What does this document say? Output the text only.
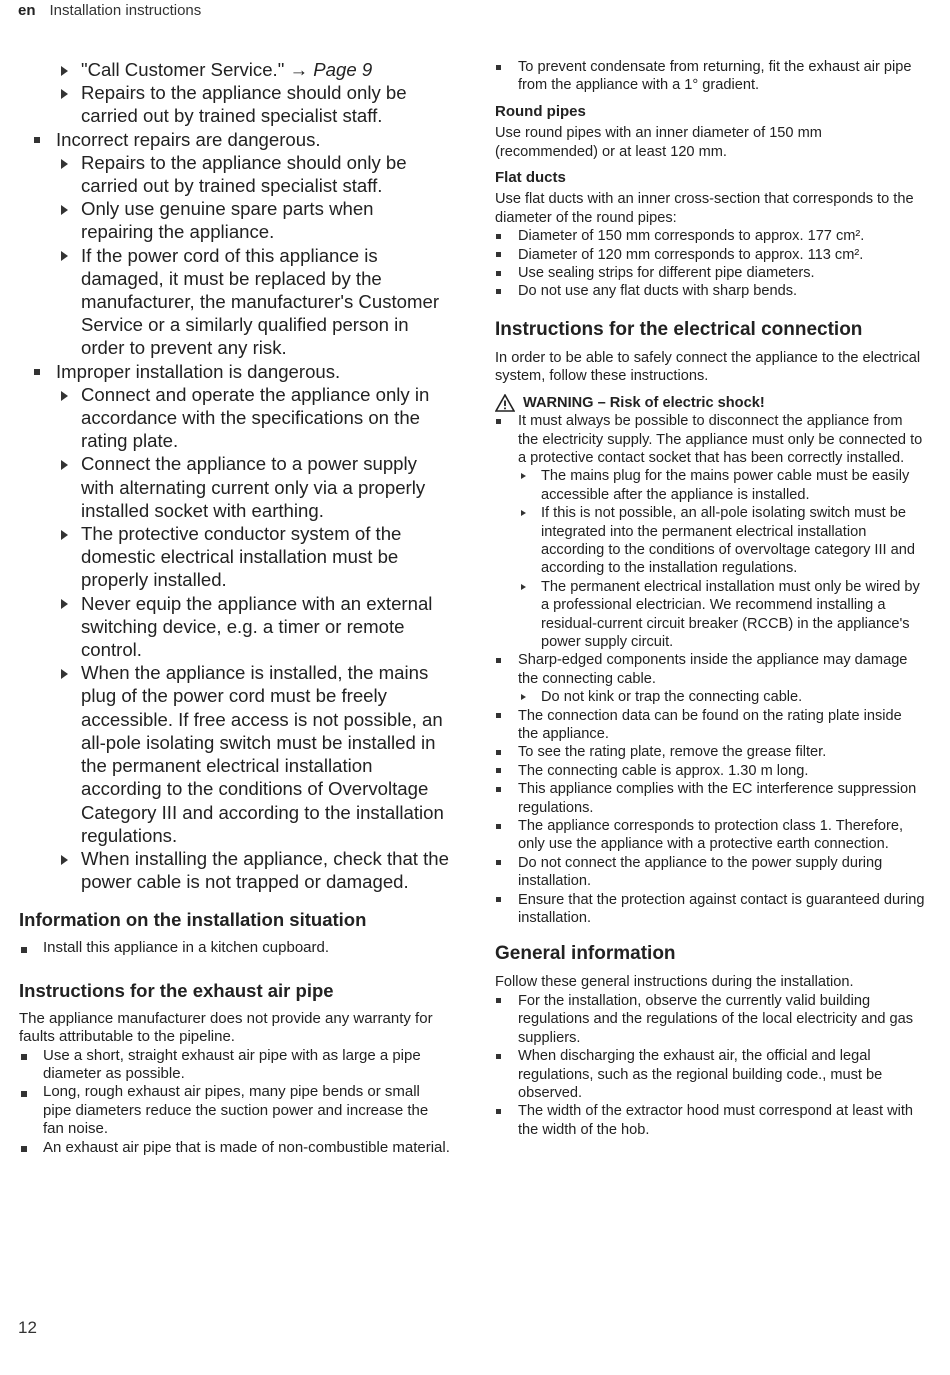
en Installation instructions
"Call Customer Service." → Page 9
Repairs to the appliance should only be carried out by trained specialist staff.
Incorrect repairs are dangerous.
Repairs to the appliance should only be carried out by trained specialist staff.
Only use genuine spare parts when repairing the appliance.
If the power cord of this appliance is damaged, it must be replaced by the manufacturer, the manufacturer's Customer Service or a similarly qualified person in order to prevent any risk.
Improper installation is dangerous.
Connect and operate the appliance only in accordance with the specifications on the rating plate.
Connect the appliance to a power supply with alternating current only via a properly installed socket with earthing.
The protective conductor system of the domestic electrical installation must be properly installed.
Never equip the appliance with an external switching device, e.g. a timer or remote control.
When the appliance is installed, the mains plug of the power cord must be freely accessible. If free access is not possible, an all-pole isolating switch must be installed in the permanent electrical installation according to the conditions of Overvoltage Category III and according to the installation regulations.
When installing the appliance, check that the power cable is not trapped or damaged.
Information on the installation situation
Install this appliance in a kitchen cupboard.
Instructions for the exhaust air pipe

The appliance manufacturer does not provide any warranty for faults attributable to the pipeline.

Use a short, straight exhaust air pipe with as large a pipe diameter as possible.
Long, rough exhaust air pipes, many pipe bends or small pipe diameters reduce the suction power and increase the fan noise.
An exhaust air pipe that is made of non-combustible material.
To prevent condensate from returning, fit the exhaust air pipe from the appliance with a 1° gradient.
Round pipes

Use round pipes with an inner diameter of 150 mm (recommended) or at least 120 mm.

Flat ducts

Use flat ducts with an inner cross-section that corresponds to the diameter of the round pipes:

Diameter of 150 mm corresponds to approx. 177 cm².
Diameter of 120 mm corresponds to approx. 113 cm².
Use sealing strips for different pipe diameters.
Do not use any flat ducts with sharp bends.
Instructions for the electrical connection

In order to be able to safely connect the appliance to the electrical system, follow these instructions.

WARNING – Risk of electric shock!
It must always be possible to disconnect the appliance from the electricity supply. The appliance must only be connected to a protective contact socket that has been correctly installed.
The mains plug for the mains power cable must be easily accessible after the appliance is installed.
If this is not possible, an all-pole isolating switch must be integrated into the permanent electrical installation according to the conditions of overvoltage category III and according to the installation regulations.
The permanent electrical installation must only be wired by a professional electrician. We recommend installing a residual-current circuit breaker (RCCB) in the appliance's power supply circuit.
Sharp-edged components inside the appliance may damage the connecting cable.
Do not kink or trap the connecting cable.
The connection data can be found on the rating plate inside the appliance.
To see the rating plate, remove the grease filter.
The connecting cable is approx. 1.30 m long.
This appliance complies with the EC interference suppression regulations.
The appliance corresponds to protection class 1. Therefore, only use the appliance with a protective earth connection.
Do not connect the appliance to the power supply during installation.
Ensure that the protection against contact is guaranteed during installation.
General information

Follow these general instructions during the installation.

For the installation, observe the currently valid building regulations and the regulations of the local electricity and gas suppliers.
When discharging the exhaust air, the official and legal regulations, such as the regional building code., must be observed.
The width of the extractor hood must correspond at least with the width of the hob.
12
